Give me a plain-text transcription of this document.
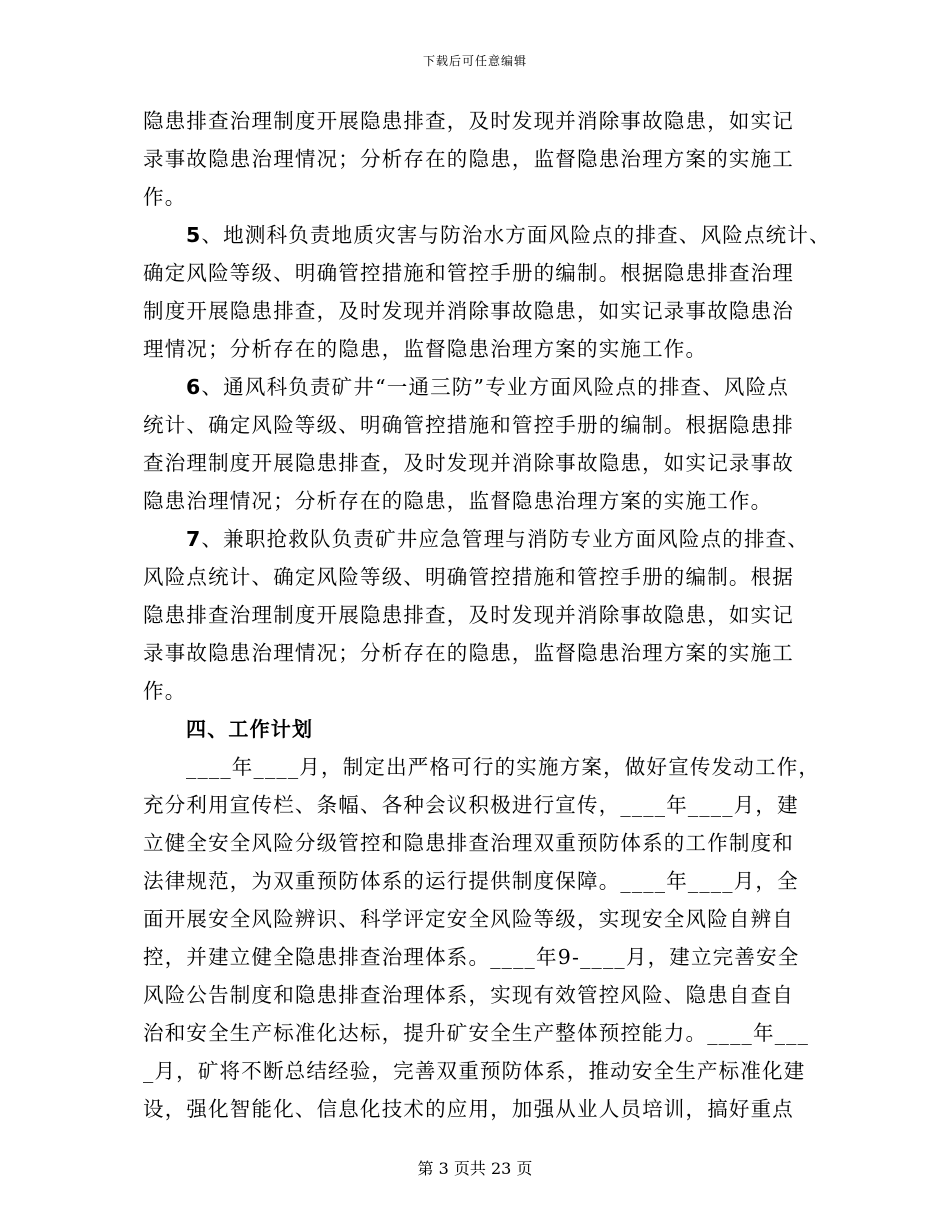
下载后可任意编辑
隐患排查治理制度开展隐患排查，及时发现并消除事故隐患，如实记
录事故隐患治理情况；分析存在的隐患，监督隐患治理方案的实施工
作。
5、地测科负责地质灾害与防治水方面风险点的排查、风险点统计、
确定风险等级、明确管控措施和管控手册的编制。根据隐患排查治理
制度开展隐患排查，及时发现并消除事故隐患，如实记录事故隐患治
理情况；分析存在的隐患，监督隐患治理方案的实施工作。
6、通风科负责矿井“一通三防”专业方面风险点的排查、风险点
统计、确定风险等级、明确管控措施和管控手册的编制。根据隐患排
查治理制度开展隐患排查，及时发现并消除事故隐患，如实记录事故
隐患治理情况；分析存在的隐患，监督隐患治理方案的实施工作。
7、兼职抢救队负责矿井应急管理与消防专业方面风险点的排查、
风险点统计、确定风险等级、明确管控措施和管控手册的编制。根据
隐患排查治理制度开展隐患排查，及时发现并消除事故隐患，如实记
录事故隐患治理情况；分析存在的隐患，监督隐患治理方案的实施工
作。
四、工作计划
____年____月，制定出严格可行的实施方案，做好宣传发动工作，
充分利用宣传栏、条幅、各种会议积极进行宣传，____年____月，建
立健全安全风险分级管控和隐患排查治理双重预防体系的工作制度和
法律规范，为双重预防体系的运行提供制度保障。____年____月，全
面开展安全风险辨识、科学评定安全风险等级，实现安全风险自辨自
控，并建立健全隐患排查治理体系。____年9-____月，建立完善安全
风险公告制度和隐患排查治理体系，实现有效管控风险、隐患自查自
治和安全生产标准化达标，提升矿安全生产整体预控能力。____年___
_月，矿将不断总结经验，完善双重预防体系，推动安全生产标准化建
设，强化智能化、信息化技术的应用，加强从业人员培训，搞好重点
第 3 页共 23 页
